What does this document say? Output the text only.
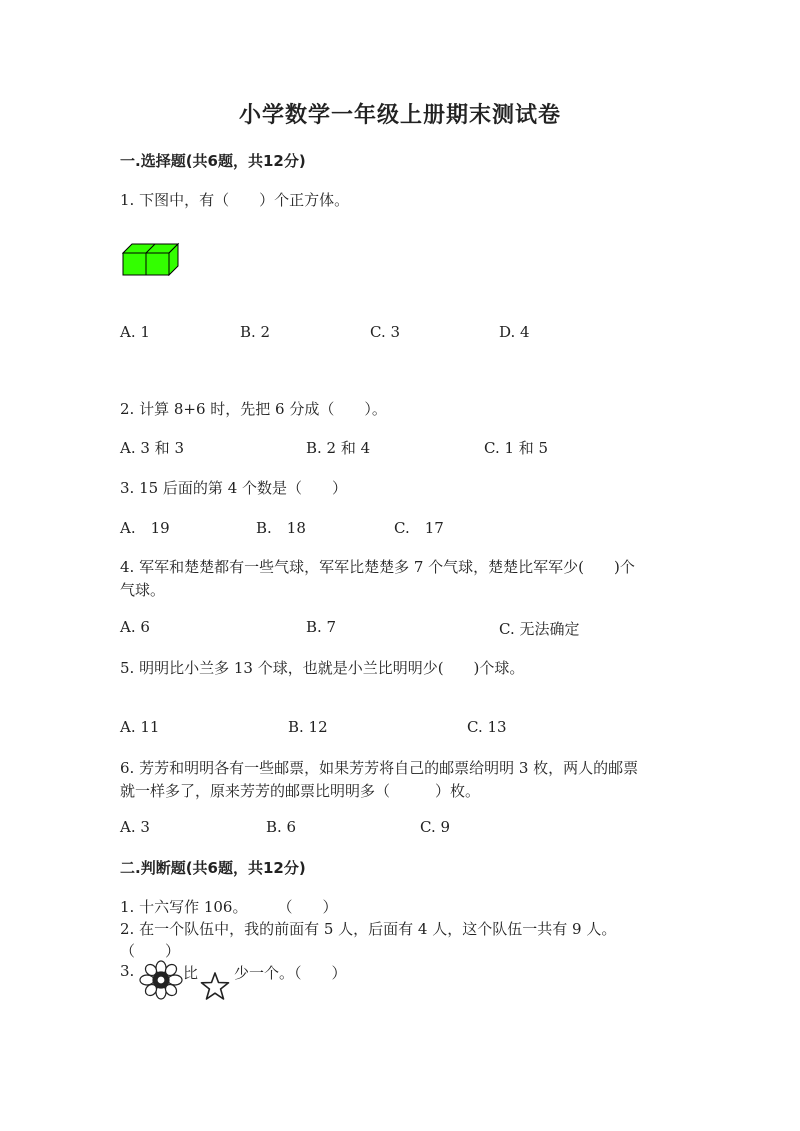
小学数学一年级上册期末测试卷
一.选择题(共6题，共12分)
1. 下图中，有（　　）个正方体。
A. 1	B. 2	C. 3	D. 4
2. 计算 8+6 时，先把 6 分成（　　）。
A. 3 和 3	B. 2 和 4	C. 1 和 5
3. 15 后面的第 4 个数是（　　）
A.　19	B.　18	C.　17
4. 军军和楚楚都有一些气球，军军比楚楚多 7 个气球，楚楚比军军少(　　)个
气球。
A. 6	B. 7	C. 无法确定
5. 明明比小兰多 13 个球，也就是小兰比明明少(　　)个球。
A. 11	B. 12	C. 13
6. 芳芳和明明各有一些邮票，如果芳芳将自己的邮票给明明 3 枚，两人的邮票
就一样多了，原来芳芳的邮票比明明多（　　　）枚。
A. 3	B. 6	C. 9
二.判断题(共6题，共12分)
1. 十六写作 106。　　　（　　）
2. 在一个队伍中，我的前面有 5 人，后面有 4 人，这个队伍一共有 9 人。
（　　）
3.	比 少一个。（　　）
